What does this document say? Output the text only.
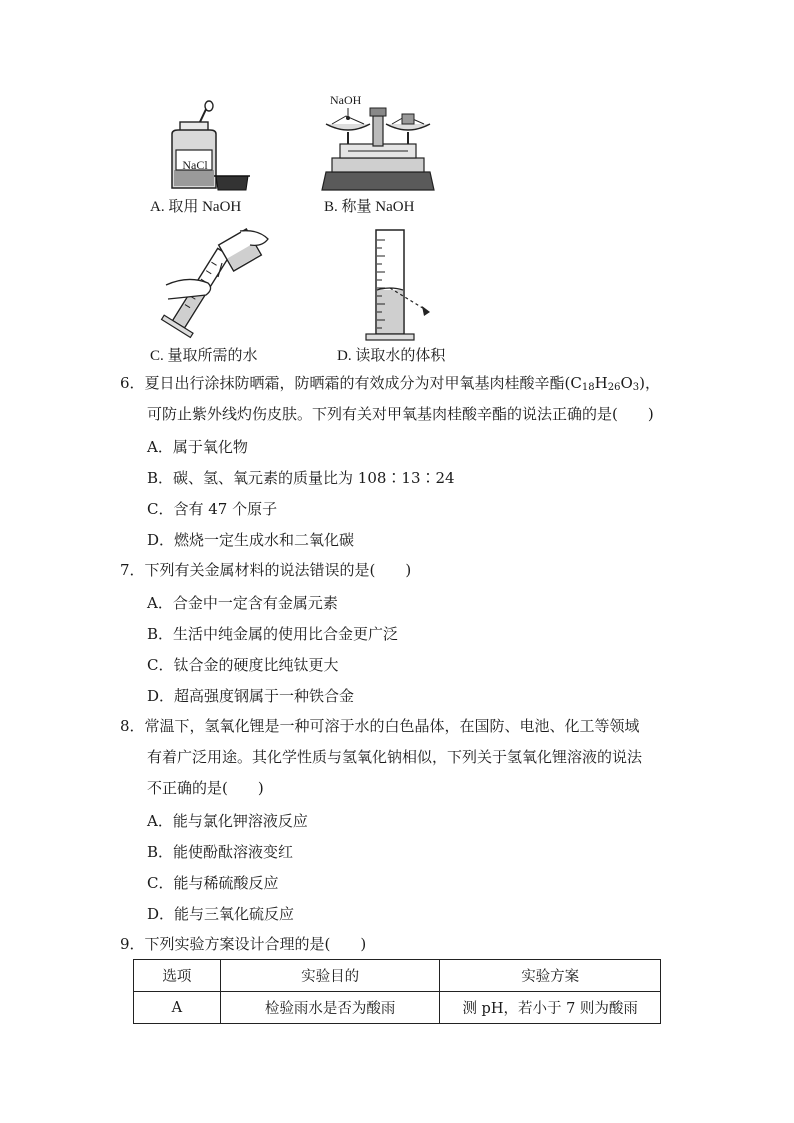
NaCl
A. 取用 NaOH
NaOH
B. 称量 NaOH
C. 量取所需的水	D. 读取水的体积
6．夏日出行涂抹防晒霜，防晒霜的有效成分为对甲氧基肉桂酸辛酯$(C_{18}H_{26}O_3)$，
可防止紫外线灼伤皮肤。下列有关对甲氧基肉桂酸辛酯的说法正确的是(　　)
A．属于氧化物
B．碳、氢、氧元素的质量比为 108∶13∶24
C．含有 47 个原子
D．燃烧一定生成水和二氧化碳
7．下列有关金属材料的说法错误的是(　　)
A．合金中一定含有金属元素
B．生活中纯金属的使用比合金更广泛
C．钛合金的硬度比纯钛更大
D．超高强度钢属于一种铁合金
8．常温下，氢氧化锂是一种可溶于水的白色晶体，在国防、电池、化工等领域
有着广泛用途。其化学性质与氢氧化钠相似，下列关于氢氧化锂溶液的说法
不正确的是(　　)
A．能与氯化钾溶液反应
B．能使酚酞溶液变红
C．能与稀硫酸反应
D．能与三氧化硫反应
9．下列实验方案设计合理的是(　　)
选项	实验目的	实验方案
A	检验雨水是否为酸雨	测 pH，若小于 7 则为酸雨
